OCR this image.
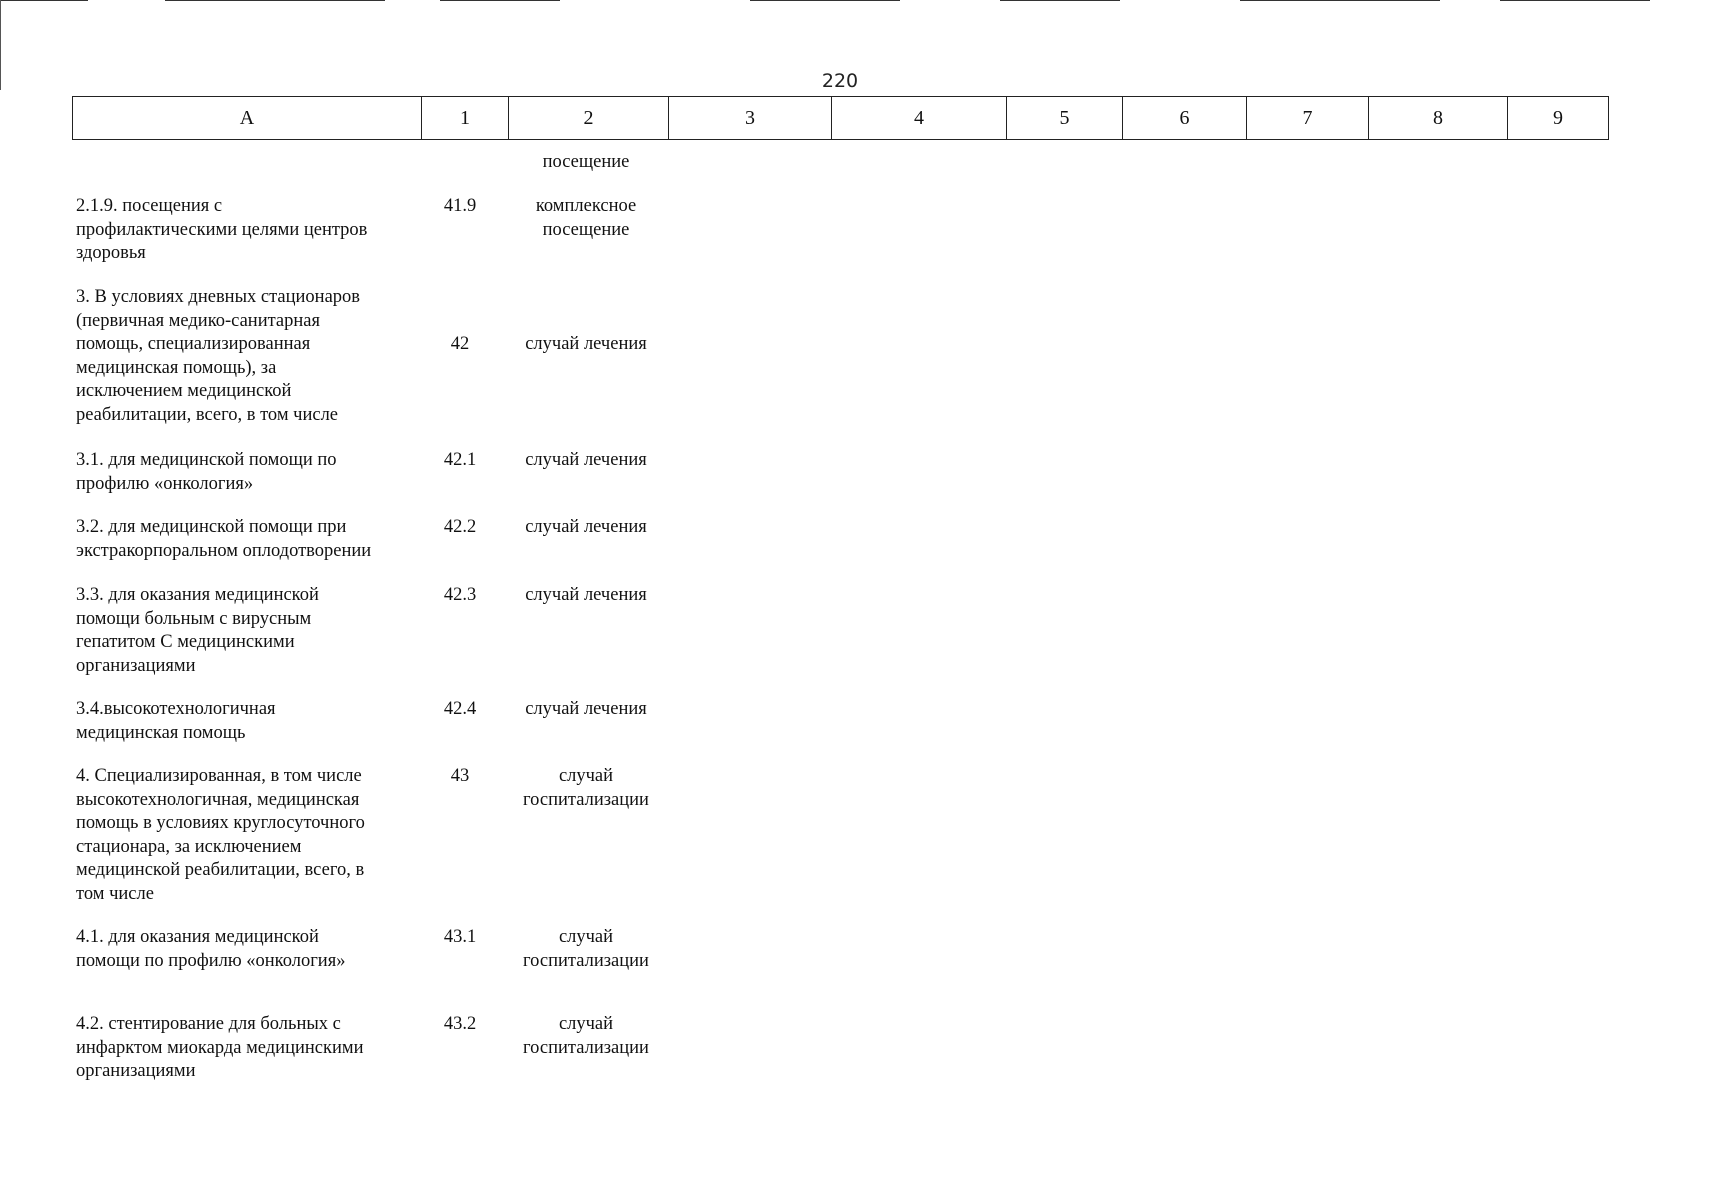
220
A	1	2	3	4	5	6	7	8	9
посещение
2.1.9. посещения с
профилактическими целями центров
здоровья
41.9	комплексное
посещение
3. В условиях дневных стационаров
(первичная медико-санитарная
помощь, специализированная
медицинская помощь), за
исключением медицинской
реабилитации, всего, в том числе
42	случай лечения
3.1. для медицинской помощи по
профилю «онкология»
42.1	случай лечения
3.2. для медицинской помощи при
экстракорпоральном оплодотворении
42.2	случай лечения
3.3. для оказания медицинской
помощи больным с вирусным
гепатитом С медицинскими
организациями
42.3	случай лечения
3.4.высокотехнологичная
медицинская помощь
42.4	случай лечения
4. Специализированная, в том числе
высокотехнологичная, медицинская
помощь в условиях круглосуточного
стационара, за исключением
медицинской реабилитации, всего, в
том числе
43	случай
госпитализации
4.1. для оказания медицинской
помощи по профилю «онкология»
43.1	случай
госпитализации
4.2. стентирование для больных с
инфарктом миокарда медицинскими
организациями
43.2	случай
госпитализации
